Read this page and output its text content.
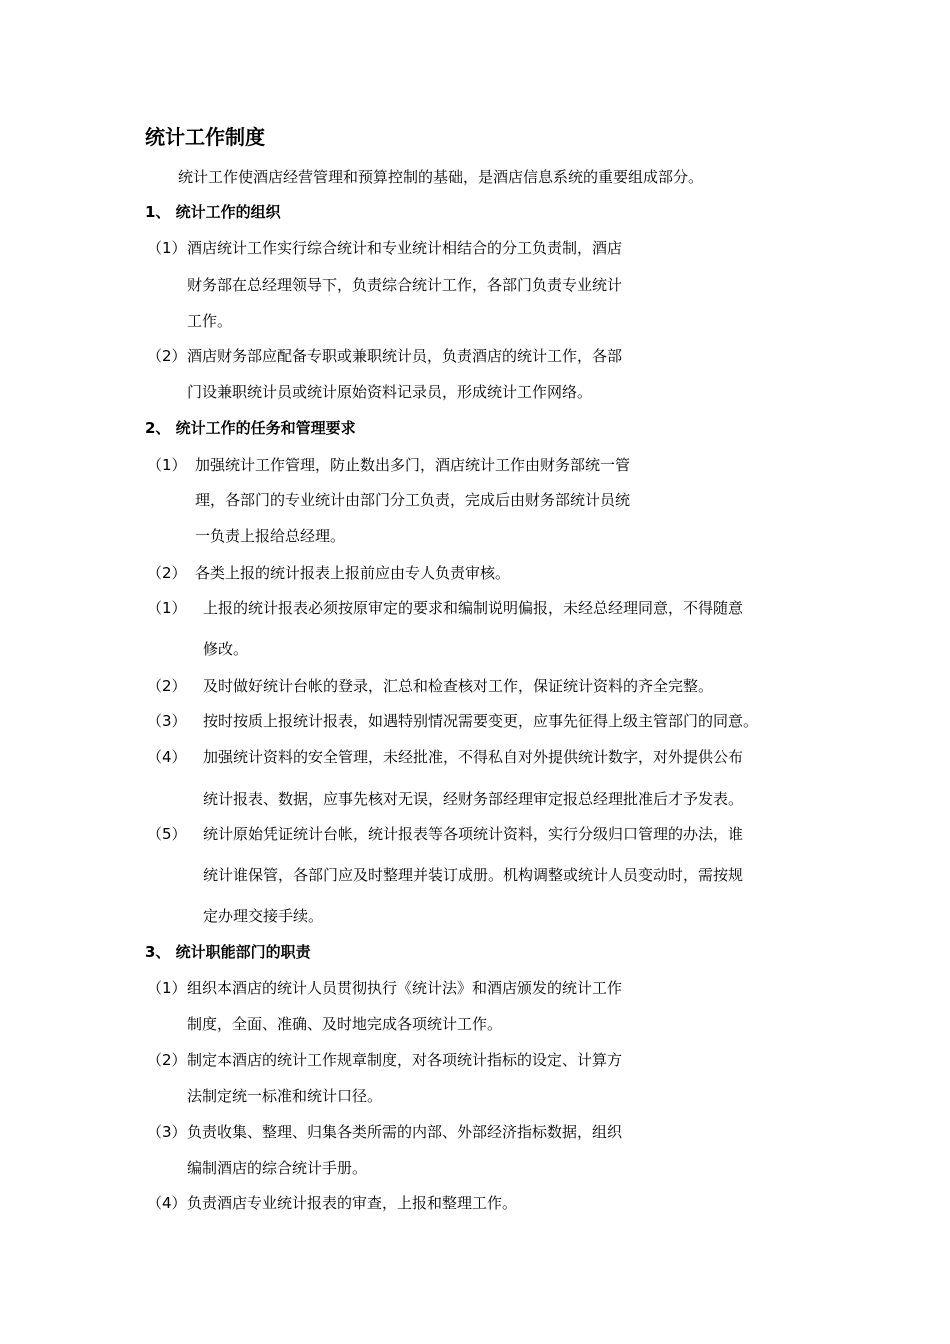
统计工作制度
统计工作使酒店经营管理和预算控制的基础，是酒店信息系统的重要组成部分。
1、 统计工作的组织
（1） 酒店统计工作实行综合统计和专业统计相结合的分工负责制，酒店
财务部在总经理领导下，负责综合统计工作，各部门负责专业统计
工作。
（2） 酒店财务部应配备专职或兼职统计员，负责酒店的统计工作，各部
门设兼职统计员或统计原始资料记录员，形成统计工作网络。
2、 统计工作的任务和管理要求
（1） 加强统计工作管理，防止数出多门，酒店统计工作由财务部统一管
理，各部门的专业统计由部门分工负责，完成后由财务部统计员统
一负责上报给总经理。
（2） 各类上报的统计报表上报前应由专人负责审核。
（1） 上报的统计报表必须按原审定的要求和编制说明偏报，未经总经理同意，不得随意
修改。
（2） 及时做好统计台帐的登录，汇总和检查核对工作，保证统计资料的齐全完整。
（3） 按时按质上报统计报表，如遇特别情况需要变更，应事先征得上级主管部门的同意。
（4） 加强统计资料的安全管理，未经批准，不得私自对外提供统计数字，对外提供公布
统计报表、数据，应事先核对无误，经财务部经理审定报总经理批准后才予发表。
（5） 统计原始凭证统计台帐，统计报表等各项统计资料，实行分级归口管理的办法，谁
统计谁保管，各部门应及时整理并装订成册。机构调整或统计人员变动时，需按规
定办理交接手续。
3、 统计职能部门的职责
（1） 组织本酒店的统计人员贯彻执行《统计法》和酒店颁发的统计工作
制度，全面、准确、及时地完成各项统计工作。
（2） 制定本酒店的统计工作规章制度，对各项统计指标的设定、计算方
法制定统一标准和统计口径。
（3） 负责收集、整理、归集各类所需的内部、外部经济指标数据，组织
编制酒店的综合统计手册。
（4） 负责酒店专业统计报表的审查，上报和整理工作。
